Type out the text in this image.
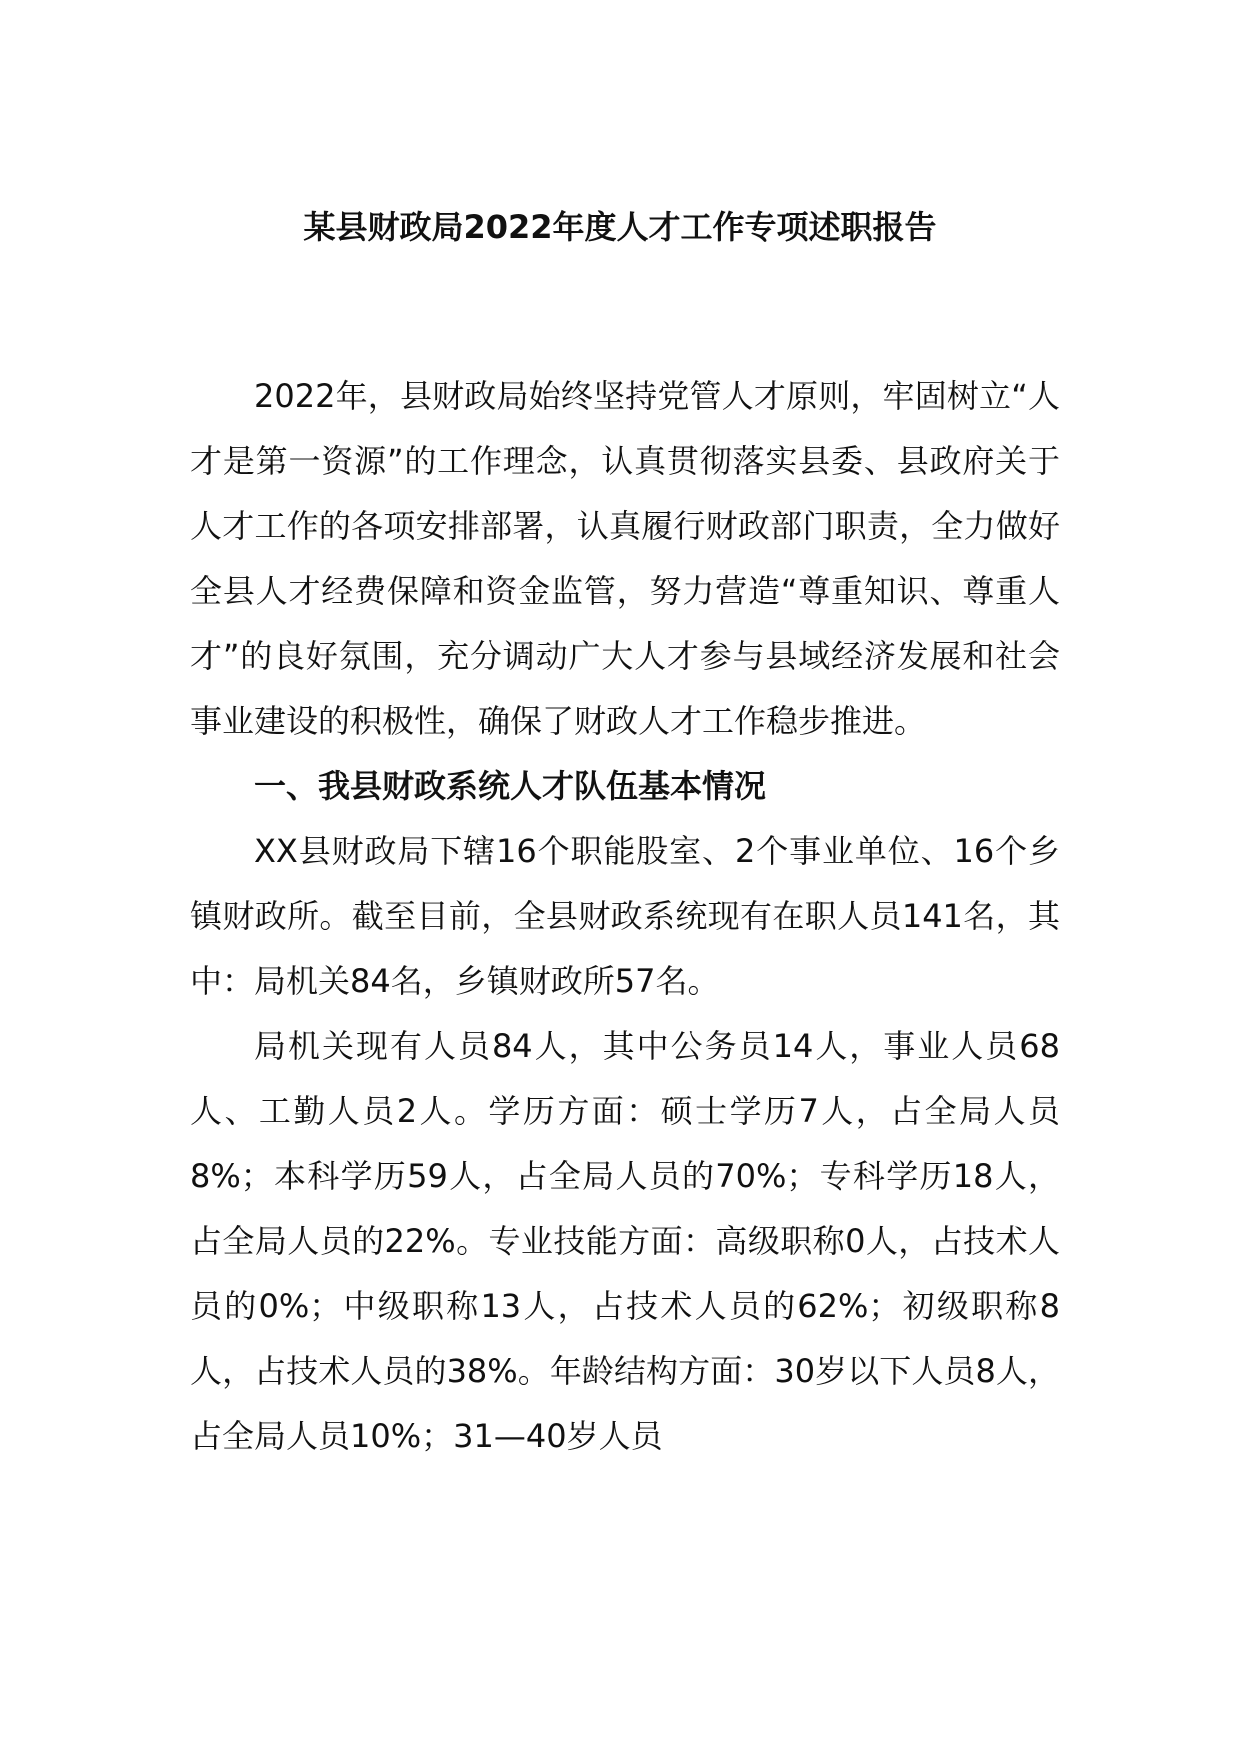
某县财政局2022年度人才工作专项述职报告

2022年，县财政局始终坚持党管人才原则，牢固树立“人才是第一资源”的工作理念，认真贯彻落实县委、县政府关于人才工作的各项安排部署，认真履行财政部门职责，全力做好全县人才经费保障和资金监管，努力营造“尊重知识、尊重人才”的良好氛围，充分调动广大人才参与县域经济发展和社会事业建设的积极性，确保了财政人才工作稳步推进。

一、我县财政系统人才队伍基本情况

XX县财政局下辖16个职能股室、2个事业单位、16个乡镇财政所。截至目前，全县财政系统现有在职人员141名，其中：局机关84名，乡镇财政所57名。

局机关现有人员84人，其中公务员14人，事业人员68人、工勤人员2人。学历方面：硕士学历7人，占全局人员8%；本科学历59人，占全局人员的70%；专科学历18人，占全局人员的22%。专业技能方面：高级职称0人，占技术人员的0%；中级职称13人，占技术人员的62%；初级职称8人，占技术人员的38%。年龄结构方面：30岁以下人员8人，占全局人员10%；31—40岁人员
